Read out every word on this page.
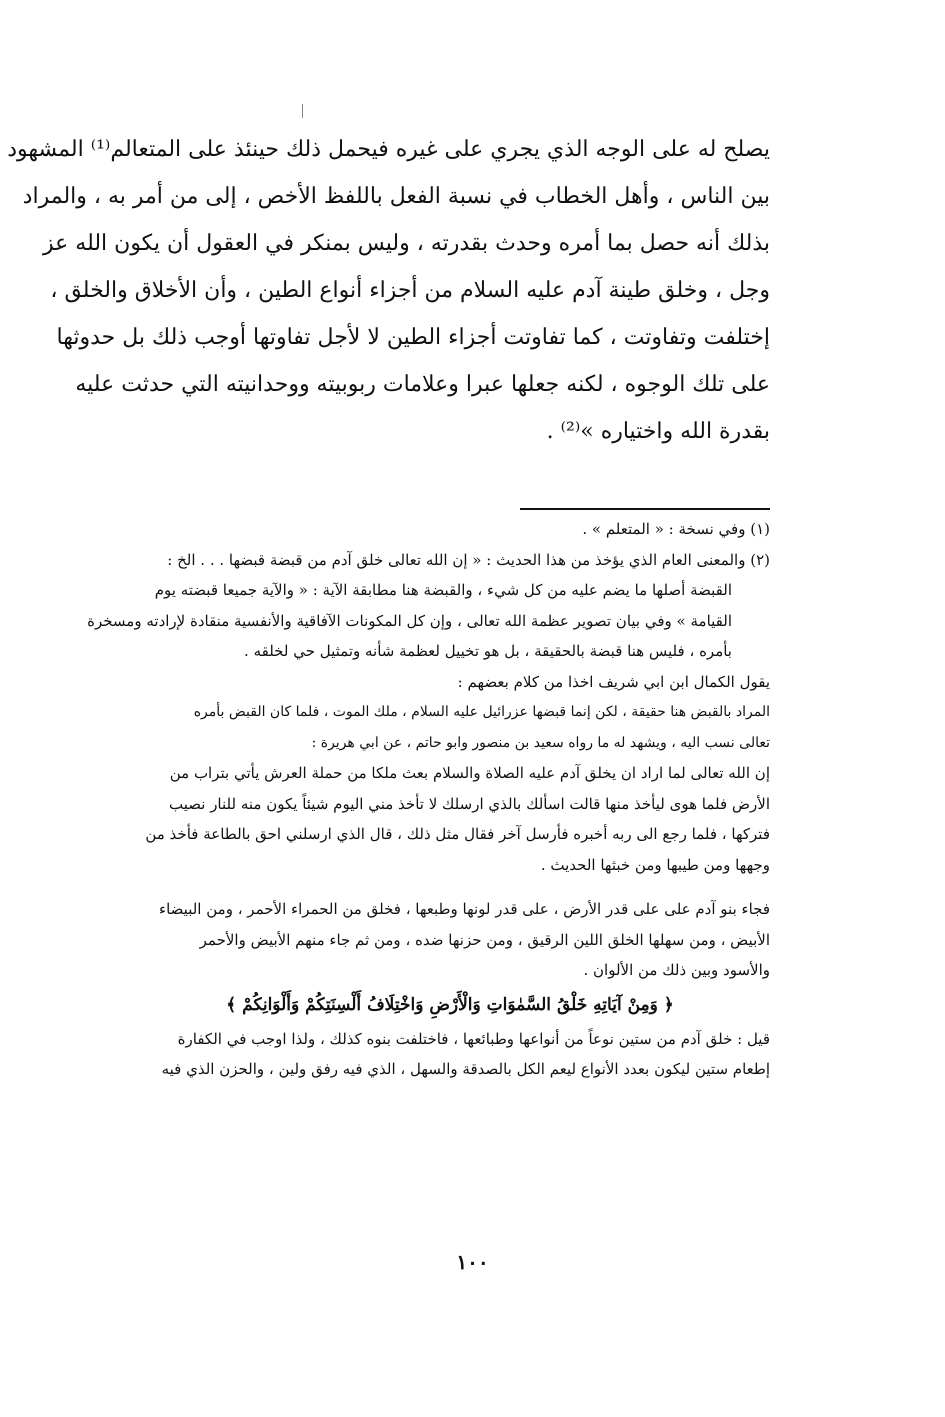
يصلح له على الوجه الذي يجري على غيره فيحمل ذلك حينئذ على المتعالم⁽¹⁾ المشهود
بين الناس ، وأهل الخطاب في نسبة الفعل باللفظ الأخص ، إلى من أمر به ، والمراد
بذلك أنه حصل بما أمره وحدث بقدرته ، وليس بمنكر في العقول أن يكون الله عز
وجل ، وخلق طينة آدم عليه السلام من أجزاء أنواع الطين ، وأن الأخلاق والخلق ،
إختلفت وتفاوتت ، كما تفاوتت أجزاء الطين لا لأجل تفاوتها أوجب ذلك بل حدوثها
على تلك الوجوه ، لكنه جعلها عبرا وعلامات ربوبيته ووحدانيته التي حدثت عليه
بقدرة الله واختياره »⁽²⁾ .
(١) وفي نسخة : « المتعلم » .
(٢) والمعنى العام الذي يؤخذ من هذا الحديث : « إن الله تعالى خلق آدم من قبضة قبضها . . . الخ :
القبضة أصلها ما يضم عليه من كل شيء ، والقبضة هنا مطابقة الآية : « والآية جميعا قبضته يوم
القيامة » وفي بيان تصوير عظمة الله تعالى ، وإن كل المكونات الآفاقية والأنفسية منقادة لإرادته ومسخرة
بأمره ، فليس هنا قبضة بالحقيقة ، بل هو تخييل لعظمة شأنه وتمثيل حي لخلقه .
يقول الكمال ابن ابي شريف اخذا من كلام بعضهم :
المراد بالقبض هنا حقيقة ، لكن إنما قبضها عزرائيل عليه السلام ، ملك الموت ، فلما كان القبض بأمره
تعالى نسب اليه ، ويشهد له ما رواه سعيد بن منصور وابو حاتم ، عن ابي هريرة :
إن الله تعالى لما اراد ان يخلق آدم عليه الصلاة والسلام بعث ملكا من حملة العرش يأتي بتراب من
الأرض فلما هوى ليأخذ منها قالت اسألك بالذي ارسلك لا تأخذ مني اليوم شيئاً يكون منه للنار نصيب
فتركها ، فلما رجع الى ربه أخبره فأرسل آخر فقال مثل ذلك ، قال الذي ارسلني احق بالطاعة فأخذ من
وجهها ومن طيبها ومن خبثها الحديث .
فجاء بنو آدم على على قدر الأرض ، على قدر لونها وطبعها ، فخلق من الحمراء الأحمر ، ومن البيضاء
الأبيض ، ومن سهلها الخلق اللين الرقيق ، ومن حزنها ضده ، ومن ثم جاء منهم الأبيض والأحمر
والأسود وبين ذلك من الألوان .
﴿ وَمِنْ آيَاتِهِ خَلْقُ السَّمٰوَاتِ وَالْأَرْضِ وَاخْتِلَافُ أَلْسِنَتِكُمْ وَأَلْوَانِكُمْ ﴾
قيل : خلق آدم من ستين نوعاً من أنواعها وطبائعها ، فاختلفت بنوه كذلك ، ولذا اوجب في الكفارة
إطعام ستين ليكون بعدد الأنواع ليعم الكل بالصدقة والسهل ، الذي فيه رفق ولين ، والحزن الذي فيه
١٠٠
